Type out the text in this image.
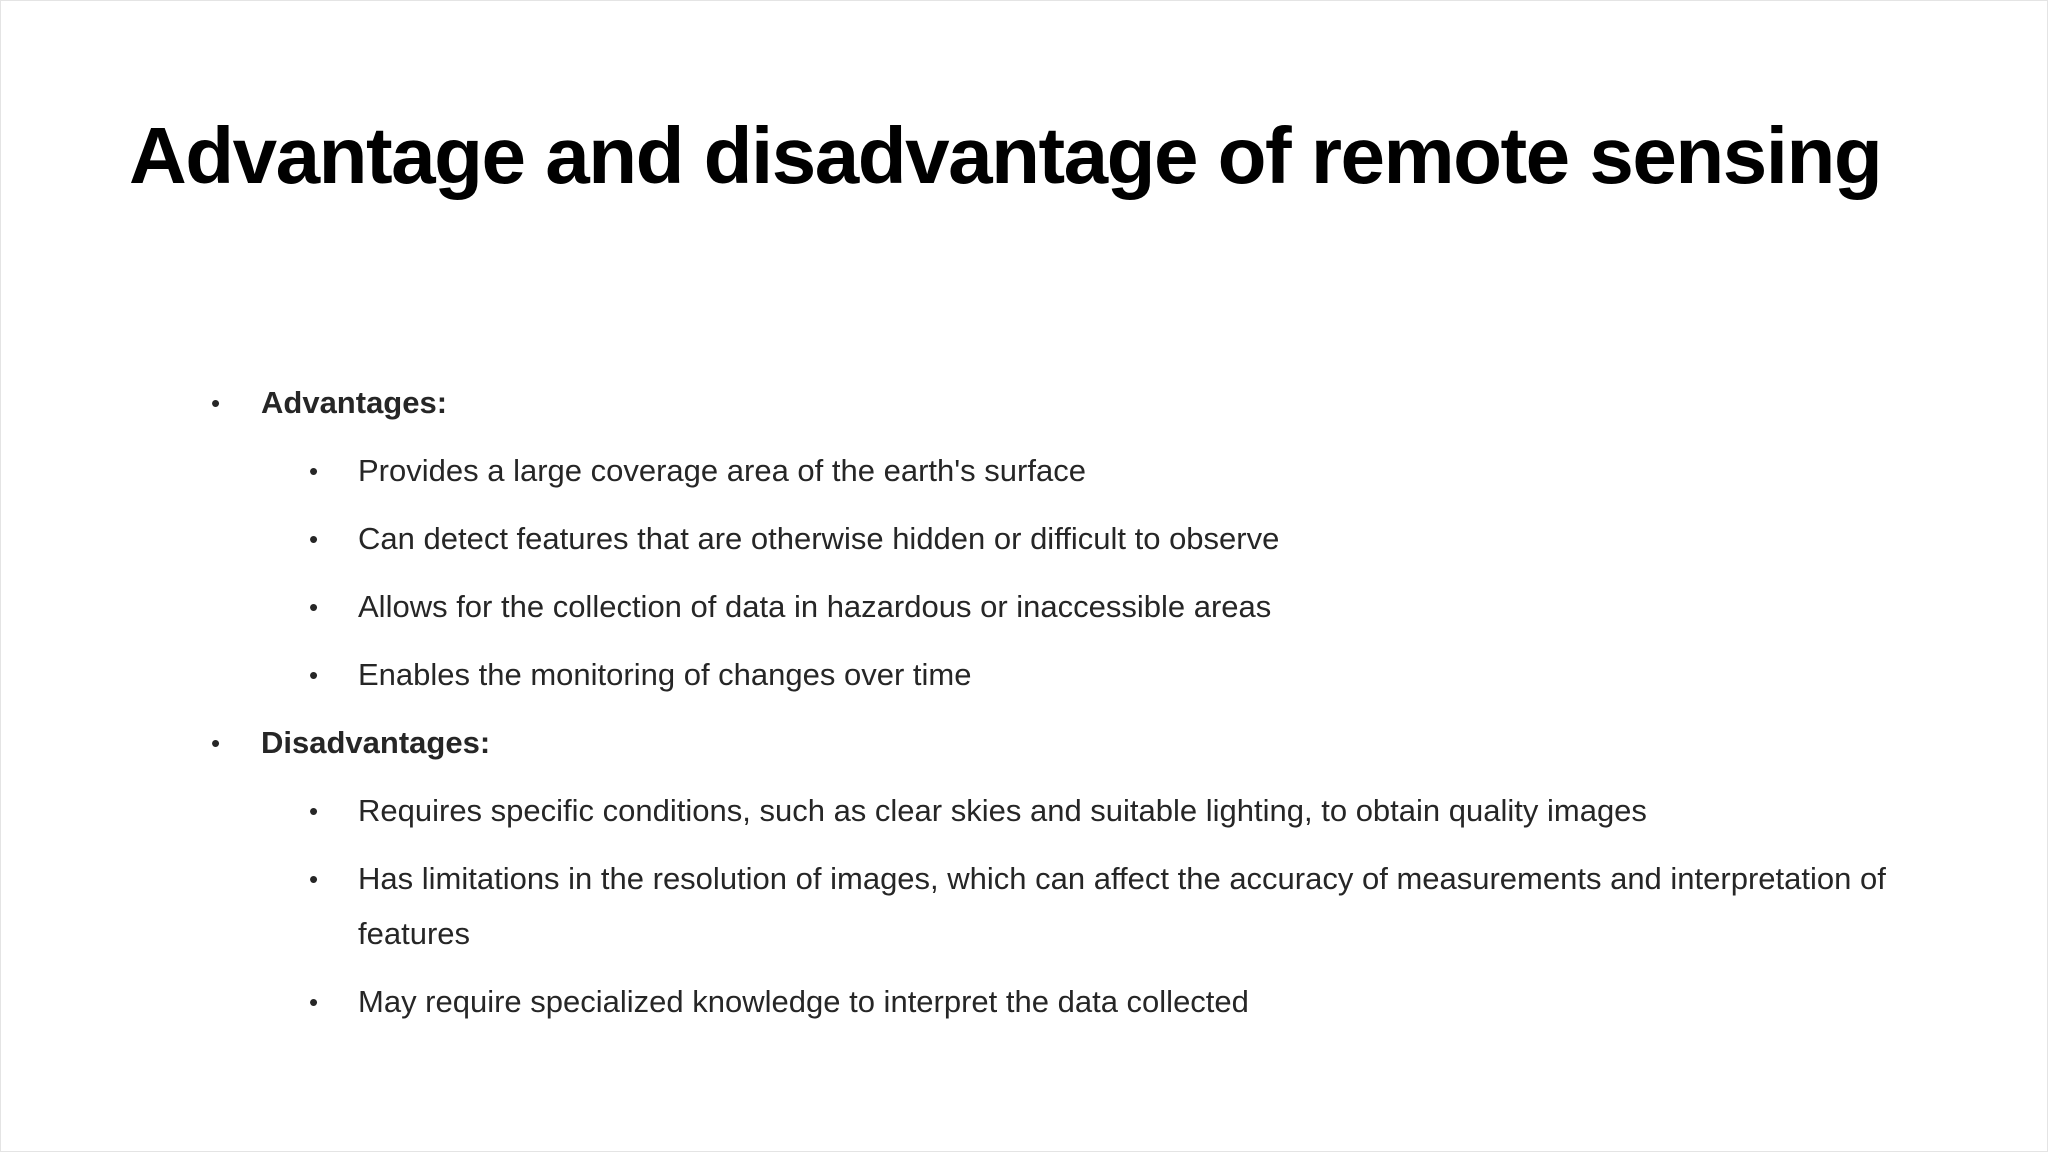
Advantage and disadvantage of remote sensing
• Advantages:
• Provides a large coverage area of the earth's surface
• Can detect features that are otherwise hidden or difficult to observe
• Allows for the collection of data in hazardous or inaccessible areas
• Enables the monitoring of changes over time
• Disadvantages:
• Requires specific conditions, such as clear skies and suitable lighting, to obtain quality images
• Has limitations in the resolution of images, which can affect the accuracy of measurements and interpretation of
features
• May require specialized knowledge to interpret the data collected
